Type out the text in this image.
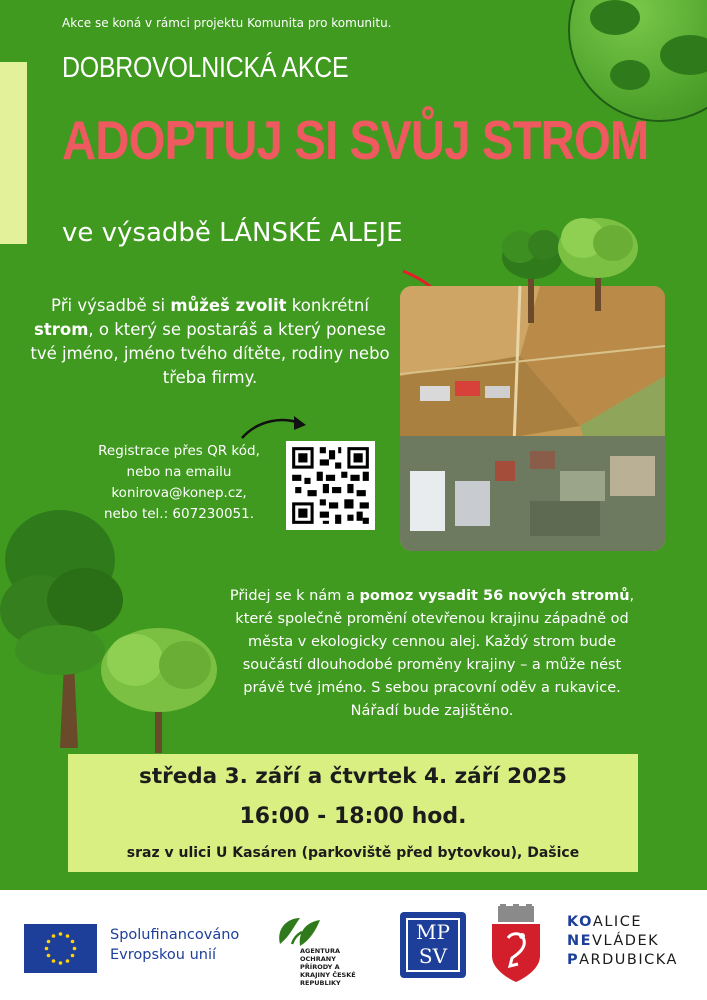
Akce se koná v rámci projektu Komunita pro komunitu.
DOBROVOLNICKÁ AKCE
ADOPTUJ SI SVŮJ STROM
ve výsadbě LÁNSKÉ ALEJE
Při výsadbě si můžeš zvolit konkrétní strom, o který se postaráš a který ponese tvé jméno, jméno tvého dítěte, rodiny nebo třeba firmy.
Registrace přes QR kód,
nebo na emailu
konirova@konep.cz,
nebo tel.: 607230051.
Přidej se k nám a pomoz vysadit 56 nových stromů, které společně promění otevřenou krajinu západně od města v ekologicky cennou alej. Každý strom bude součástí dlouhodobé proměny krajiny – a může nést právě tvé jméno. S sebou pracovní oděv a rukavice. Nářadí bude zajištěno.
středa 3. září a čtvrtek 4. září 2025
16:00 - 18:00 hod.
sraz v ulici U Kasáren (parkoviště před bytovkou), Dašice
Spolufinancováno
Evropskou unií	AGENTURA OCHRANY PŘÍRODY A KRAJINY ČESKÉ REPUBLIKY
MP
SV
KOALICE
NEVLÁDEK
PARDUBICKA
